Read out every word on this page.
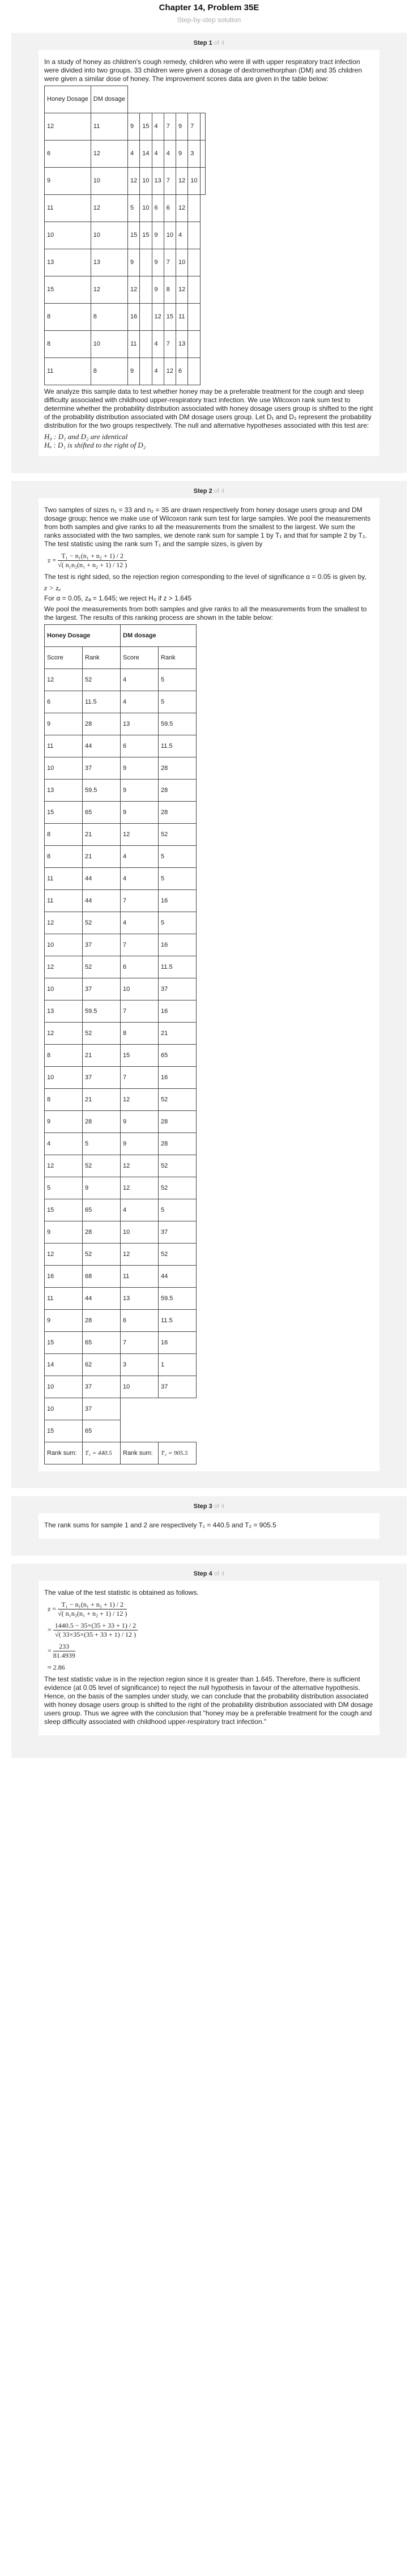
Chapter 14, Problem 35E
Step-by-step solution
Step 1 of 4

In a study of honey as children's cough remedy, children who were ill with upper respiratory tract infection were divided into two groups. 33 children were given a dosage of dextromethorphan (DM) and 35 children were given a similar dose of honey. The improvement scores data are given in the table below:

Honey Dosage	DM dosage							
12	11	9	15	4	7	9	7	
6	12	4	14	4	4	9	3	
9	10	12	10	13	7	12	10	
11	12	5	10	6	6	12		
10	10	15	15	9	10	4		
13	13	9		9	7	10		
15	12	12		9	8	12		
8	8	16		12	15	11		
8	10	11		4	7	13		
11	8	9		4	12	6		

We analyze this sample data to test whether honey may be a preferable treatment for the cough and sleep difficulty associated with childhood upper-respiratory tract infection. We use Wilcoxon rank sum test to determine whether the probability distribution associated with honey dosage users group is shifted to the right of the probability distribution associated with DM dosage users group. Let D₁ and D₂ represent the probability distribution for the two groups respectively. The null and alternative hypotheses associated with this test are:

H₀ : D₁ and D₂ are identical
Hₐ : D₁ is shifted to the right of D₂
Step 2 of 4

Two samples of sizes n₁ = 33 and n₂ = 35 are drawn respectively from honey dosage users group and DM dosage group; hence we make use of Wilcoxon rank sum test for large samples. We pool the measurements from both samples and give ranks to all the measurements from the smallest to the largest. We sum the ranks associated with the two samples, we denote rank sum for sample 1 by T₁ and that for sample 2 by T₂. The test statistic using the rank sum T₁ and the sample sizes, is given by

$z = \frac{\text{T₁ − n₁(n₁ + n₂ + 1) / 2}}{\text{√( n₁n₂(n₁ + n₂ + 1) / 12 )}}$

The test is right sided, so the rejection region corresponding to the level of significance α = 0.05 is given by,

z > zₐ

For α = 0.05, zₐ = 1.645; we reject H₀ if z > 1.645

We pool the measurements from both samples and give ranks to all the measurements from the smallest to the largest. The results of this ranking process are shown in the table below:

Honey Dosage		DM dosage	
Score	Rank	Score	Rank
12	52	4	5
6	11.5	4	5
9	28	13	59.5
11	44	6	11.5
10	37	9	28
13	59.5	9	28
15	65	9	28
8	21	12	52
8	21	4	5
11	44	4	5
11	44	7	16
12	52	4	5
10	37	7	16
12	52	6	11.5
10	37	10	37
13	59.5	7	16
12	52	8	21
8	21	15	65
10	37	7	16
8	21	12	52
9	28	9	28
4	5	9	28
12	52	12	52
5	9	12	52
15	65	4	5
9	28	10	37
12	52	12	52
16	68	11	44
11	44	13	59.5
9	28	6	11.5
15	65	7	16
14	62	3	1
10	37	10	37
10	37		
15	65		
Rank sum:	T₁ = 440.5	Rank sum:	T₂ = 905.5
Step 3 of 4

The rank sums for sample 1 and 2 are respectively T₁ = 440.5 and T₂ = 905.5

Step 4 of 4

The value of the test statistic is obtained as follows.

$z = \frac{\text{T₁ − n₁(n₁ + n₂ + 1) / 2}}{\text{√( n₁n₂(n₁ + n₂ + 1) / 12 )}}$
= $\frac{1440.5 - 35\times(35 + 33 + 1) / 2}{√( 33\times 35\times(35 + 33 + 1) / 12 )}$
= $\frac{233}{81.4939}$
≈ 2.86

The test statistic value is in the rejection region since it is greater than 1.645. Therefore, there is sufficient evidence (at 0.05 level of significance) to reject the null hypothesis in favour of the alternative hypothesis. Hence, on the basis of the samples under study, we can conclude that the probability distribution associated with honey dosage users group is shifted to the right of the probability distribution associated with DM dosage users group. Thus we agree with the conclusion that "honey may be a preferable treatment for the cough and sleep difficulty associated with childhood upper-respiratory tract infection."
